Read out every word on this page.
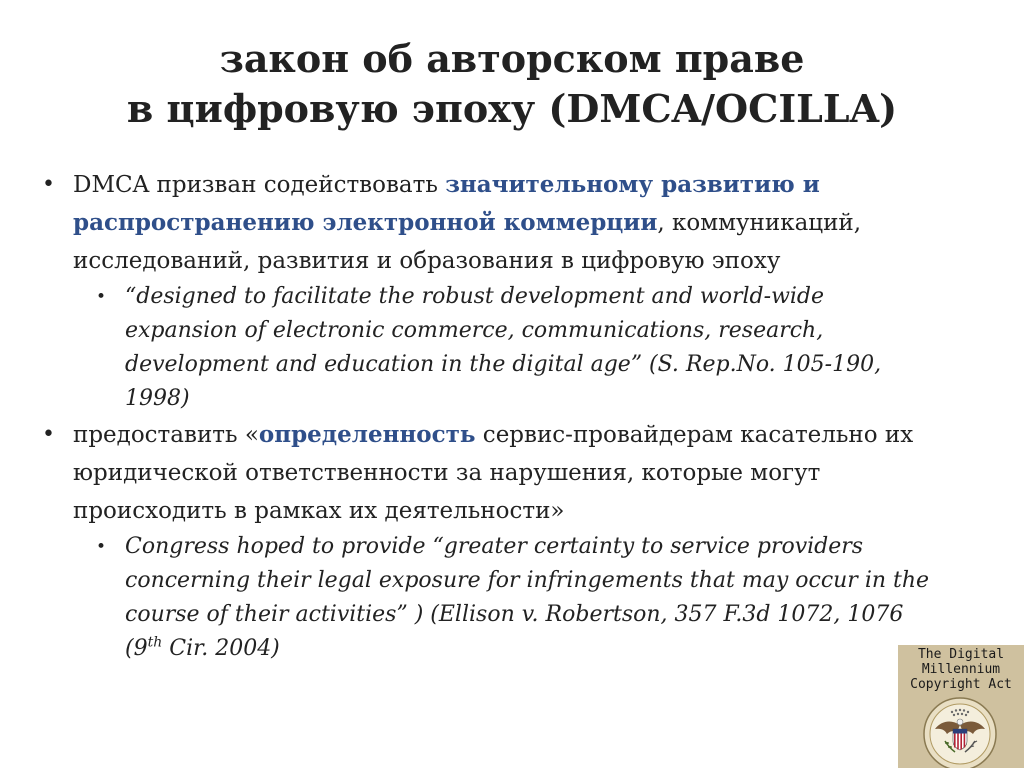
закон об авторском праве
в цифровую эпоху (DMCA/OCILLA)
• DMCA призван содействовать значительному развитию и распространению электронной коммерции, коммуникаций, исследований, развития и образования в цифровую эпоху
• “designed to facilitate the robust development and world-wide expansion of electronic commerce, communications, research, development and education in the digital age” (S. Rep.No. 105-190, 1998)
• предоставить «определенность сервис-провайдерам касательно их юридической ответственности за нарушения, которые могут происходить в рамках их деятельности»
• Congress hoped to provide “greater certainty to service providers concerning their legal exposure for infringements that may occur in the course of their activities” ) (Ellison v. Robertson, 357 F.3d 1072, 1076 (9th Cir. 2004)	The Digital
Millennium
Copyright Act
